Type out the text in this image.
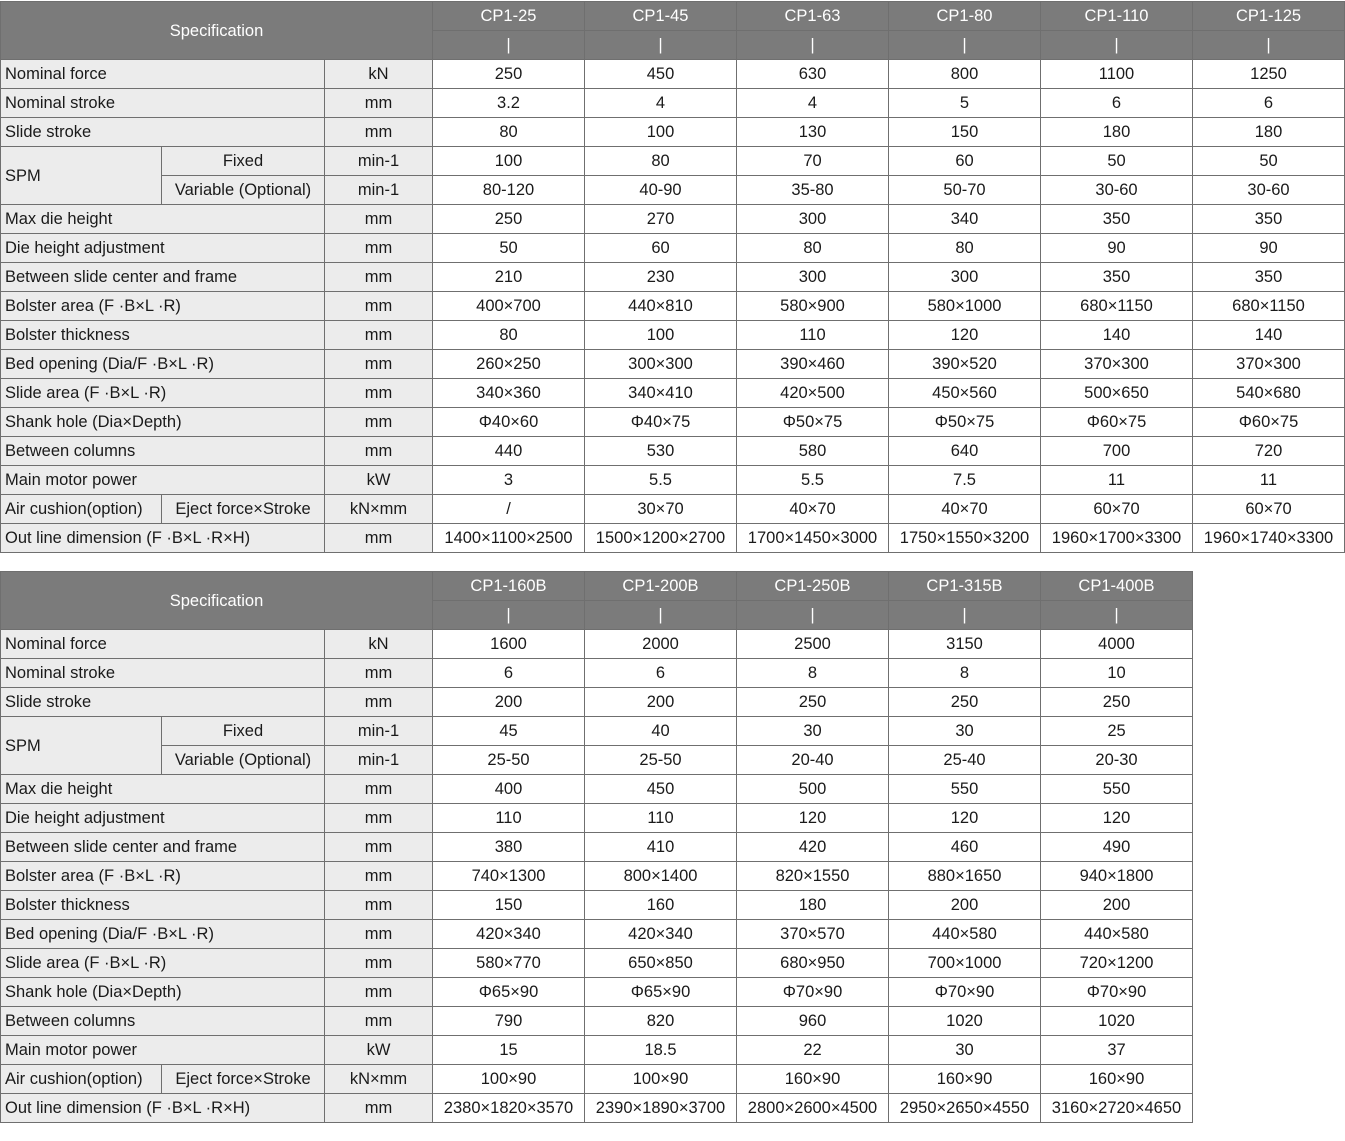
Specification			CP1-25	CP1-45	CP1-63	CP1-80	CP1-110	CP1-125
			|	|	|	|	|	|
Nominal force		kN	250	450	630	800	1100	1250
Nominal stroke		mm	3.2	4	4	5	6	6
Slide stroke		mm	80	100	130	150	180	180
SPM	Fixed	min-1	100	80	70	60	50	50
	Variable (Optional)	min-1	80-120	40-90	35-80	50-70	30-60	30-60
Max die height		mm	250	270	300	340	350	350
Die height adjustment		mm	50	60	80	80	90	90
Between slide center and frame		mm	210	230	300	300	350	350
Bolster area (F ·B×L ·R)		mm	400×700	440×810	580×900	580×1000	680×1150	680×1150
Bolster thickness		mm	80	100	110	120	140	140
Bed opening (Dia/F ·B×L ·R)		mm	260×250	300×300	390×460	390×520	370×300	370×300
Slide area (F ·B×L ·R)		mm	340×360	340×410	420×500	450×560	500×650	540×680
Shank hole (Dia×Depth)		mm	Φ40×60	Φ40×75	Φ50×75	Φ50×75	Φ60×75	Φ60×75
Between columns		mm	440	530	580	640	700	720
Main motor power		kW	3	5.5	5.5	7.5	11	11
Air cushion(option)	Eject force×Stroke	kN×mm	/	30×70	40×70	40×70	60×70	60×70
Out line dimension (F ·B×L ·R×H)		mm	1400×1100×2500	1500×1200×2700	1700×1450×3000	1750×1550×3200	1960×1700×3300	1960×1740×3300
Specification			CP1-160B	CP1-200B	CP1-250B	CP1-315B	CP1-400B	
			|	|	|	|	|	
Nominal force		kN	1600	2000	2500	3150	4000	
Nominal stroke		mm	6	6	8	8	10	
Slide stroke		mm	200	200	250	250	250	
SPM	Fixed	min-1	45	40	30	30	25	
	Variable (Optional)	min-1	25-50	25-50	20-40	25-40	20-30	
Max die height		mm	400	450	500	550	550	
Die height adjustment		mm	110	110	120	120	120	
Between slide center and frame		mm	380	410	420	460	490	
Bolster area (F ·B×L ·R)		mm	740×1300	800×1400	820×1550	880×1650	940×1800	
Bolster thickness		mm	150	160	180	200	200	
Bed opening (Dia/F ·B×L ·R)		mm	420×340	420×340	370×570	440×580	440×580	
Slide area (F ·B×L ·R)		mm	580×770	650×850	680×950	700×1000	720×1200	
Shank hole (Dia×Depth)		mm	Φ65×90	Φ65×90	Φ70×90	Φ70×90	Φ70×90	
Between columns		mm	790	820	960	1020	1020	
Main motor power		kW	15	18.5	22	30	37	
Air cushion(option)	Eject force×Stroke	kN×mm	100×90	100×90	160×90	160×90	160×90	
Out line dimension (F ·B×L ·R×H)		mm	2380×1820×3570	2390×1890×3700	2800×2600×4500	2950×2650×4550	3160×2720×4650	
